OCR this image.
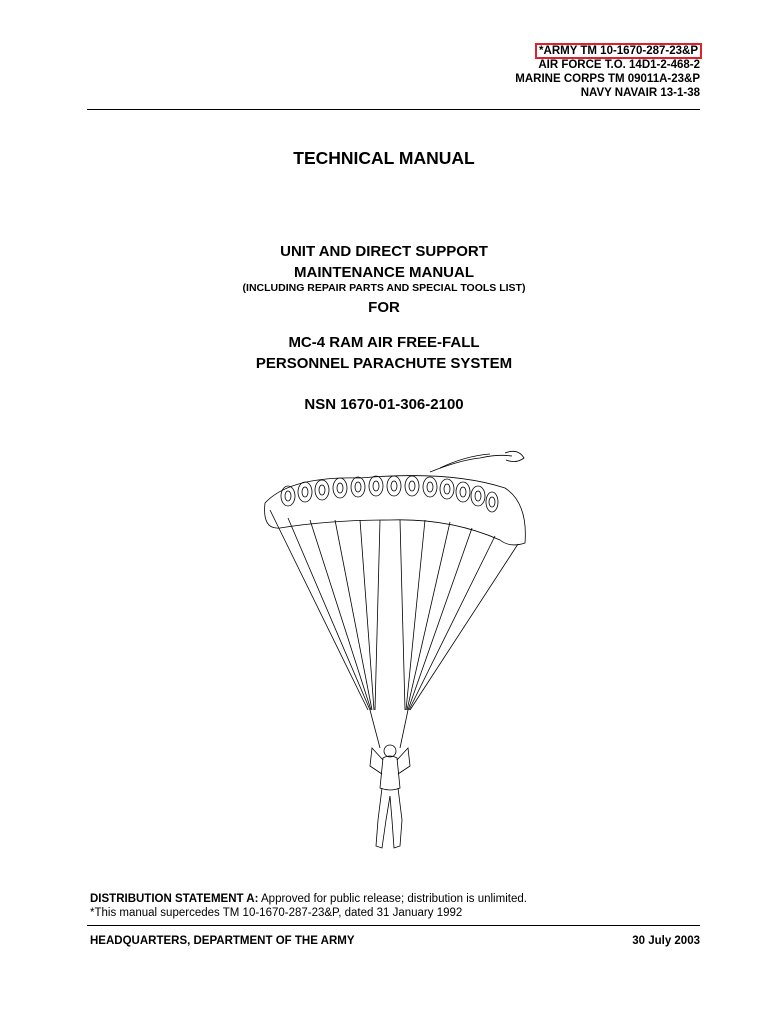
*ARMY TM 10-1670-287-23&P
AIR FORCE T.O. 14D1-2-468-2
MARINE CORPS TM 09011A-23&P
NAVY NAVAIR 13-1-38
TECHNICAL MANUAL
UNIT AND DIRECT SUPPORT
MAINTENANCE MANUAL
(INCLUDING REPAIR PARTS AND SPECIAL TOOLS LIST)
FOR
MC-4 RAM AIR FREE-FALL
PERSONNEL PARACHUTE SYSTEM
NSN 1670-01-306-2100
DISTRIBUTION STATEMENT A: Approved for public release; distribution is unlimited.
*This manual supercedes TM 10-1670-287-23&P, dated 31 January 1992
HEADQUARTERS, DEPARTMENT OF THE ARMY	30 July 2003
